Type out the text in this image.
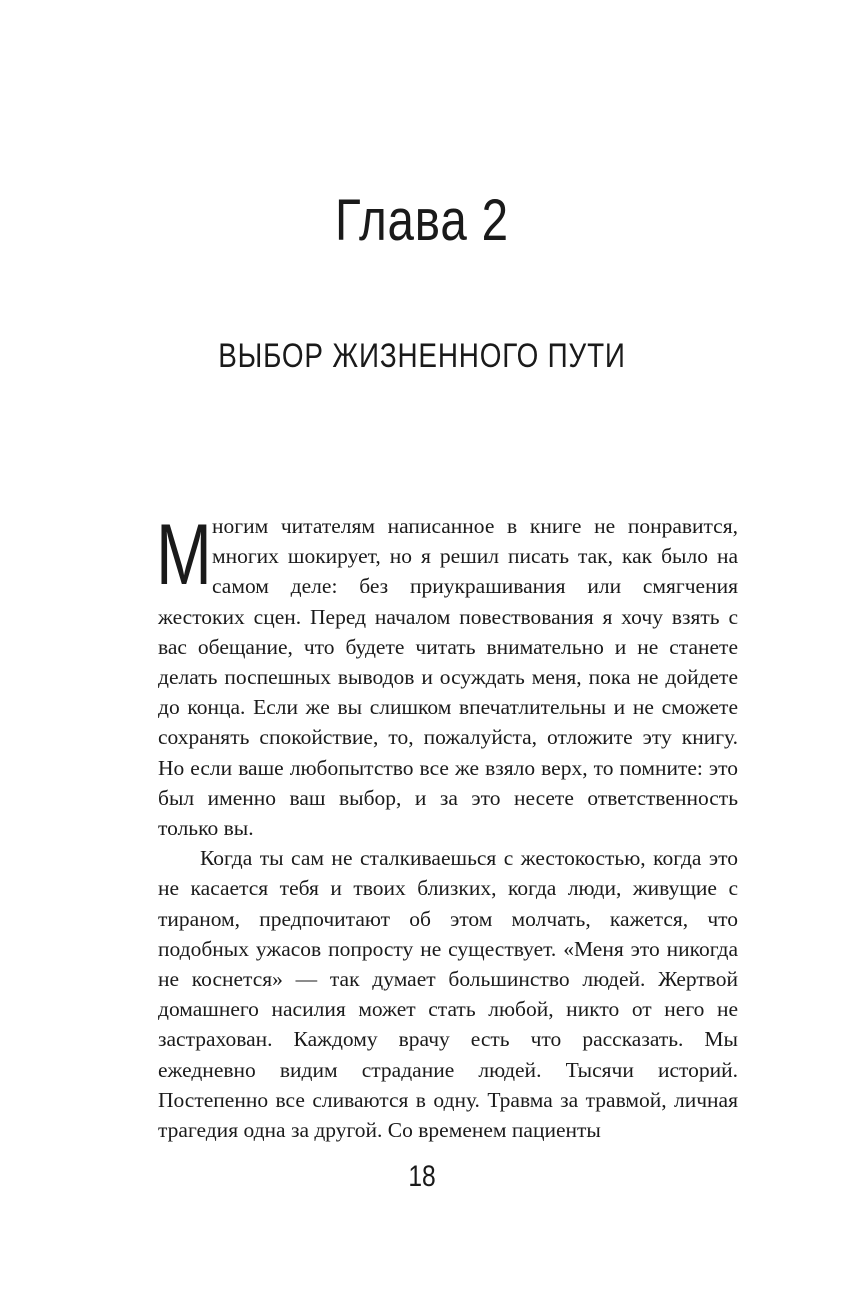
Глава 2
ВЫБОР ЖИЗНЕННОГО ПУТИ

Многим читателям написанное в книге не понравится, многих шокирует, но я решил писать так, как было на самом деле: без приукрашивания или смягчения жестоких сцен. Перед началом повествования я хочу взять с вас обещание, что будете читать внимательно и не станете делать поспешных выводов и осуждать меня, пока не дойдете до конца. Если же вы слишком впечатлительны и не сможете сохранять спокойствие, то, пожалуйста, отложите эту книгу. Но если ваше любопытство все же взяло верх, то помните: это был именно ваш выбор, и за это несете ответственность только вы.

Когда ты сам не сталкиваешься с жестокостью, когда это не касается тебя и твоих близких, когда люди, живущие с тираном, предпочитают об этом молчать, кажется, что подобных ужасов попросту не существует. «Меня это никогда не коснется» — так думает большинство людей. Жертвой домашнего насилия может стать любой, никто от него не застрахован. Каждому врачу есть что рассказать. Мы ежедневно видим страдание людей. Тысячи историй. Постепенно все сливаются в одну. Травма за травмой, личная трагедия одна за другой. Со временем пациенты

18
